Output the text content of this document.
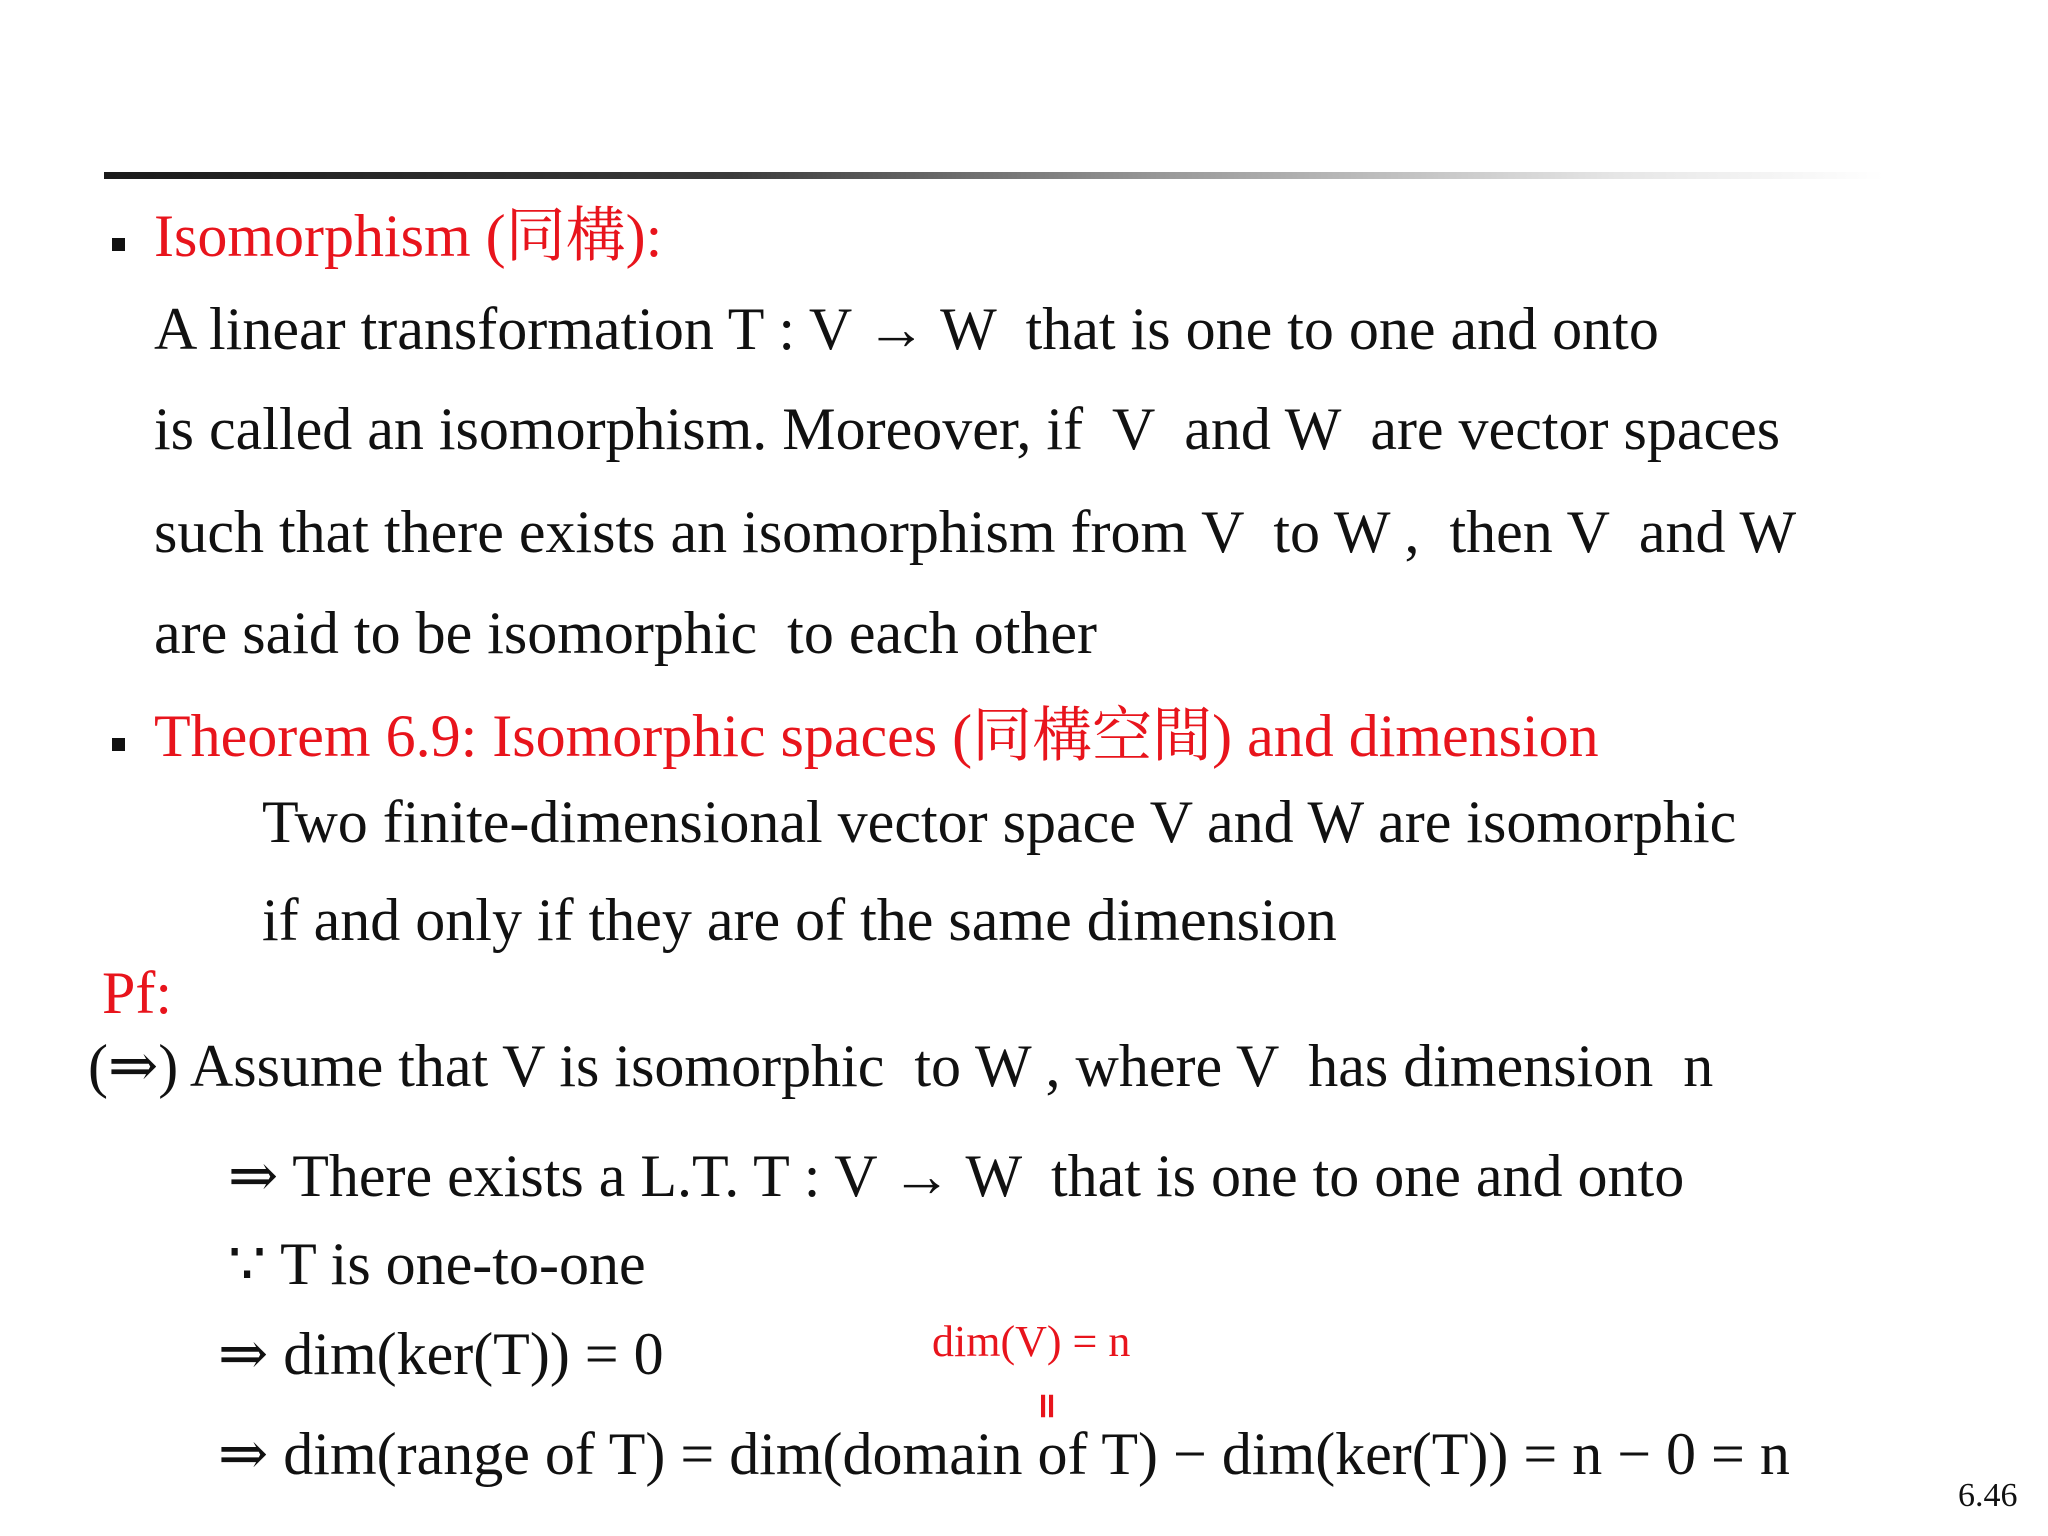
Isomorphism (同構):
A linear transformation T : V → W  that is one to one and onto
is called an isomorphism. Moreover, if  V  and W  are vector spaces
such that there exists an isomorphism from V  to W ,  then V  and W
are said to be isomorphic  to each other
Theorem 6.9: Isomorphic spaces (同構空間) and dimension
Two finite-dimensional vector space V and W are isomorphic
if and only if they are of the same dimension
Pf:
(⇒) Assume that V is isomorphic  to W , where V  has dimension  n
⇒ There exists a L.T. T : V → W  that is one to one and onto
∵ T is one-to-one
⇒ dim(ker(T)) = 0
⇒ dim(range of T) = dim(domain of T) − dim(ker(T)) = n − 0 = n
dim(V) = n
=
6.46
